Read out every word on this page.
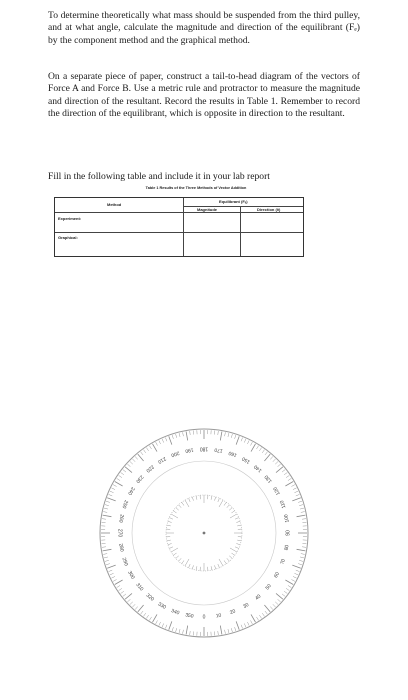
To determine theoretically what mass should be suspended from the third pulley, and at what angle, calculate the magnitude and direction of the equilibrant (Fₑ) by the component method and the graphical method.

On a separate piece of paper, construct a tail-to-head diagram of the vectors of Force A and Force B. Use a metric rule and protractor to measure the magnitude and direction of the resultant. Record the results in Table 1. Remember to record the direction of the equilibrant, which is opposite in direction to the resultant.

Fill in the following table and include it in your lab report

Table 1 Results of the Three Methods of Vector Addition

Method
Equilibrant (Fₑ)
Magnitude	Direction (θ)
Experiment:
Graphical:
0 10
20
30
40
50
60
70
80
90
100
110
120
130
140
150
160
170
180
190
200
210
220
230
240
250
260
270
280
290
300
310
320
330
340 350
